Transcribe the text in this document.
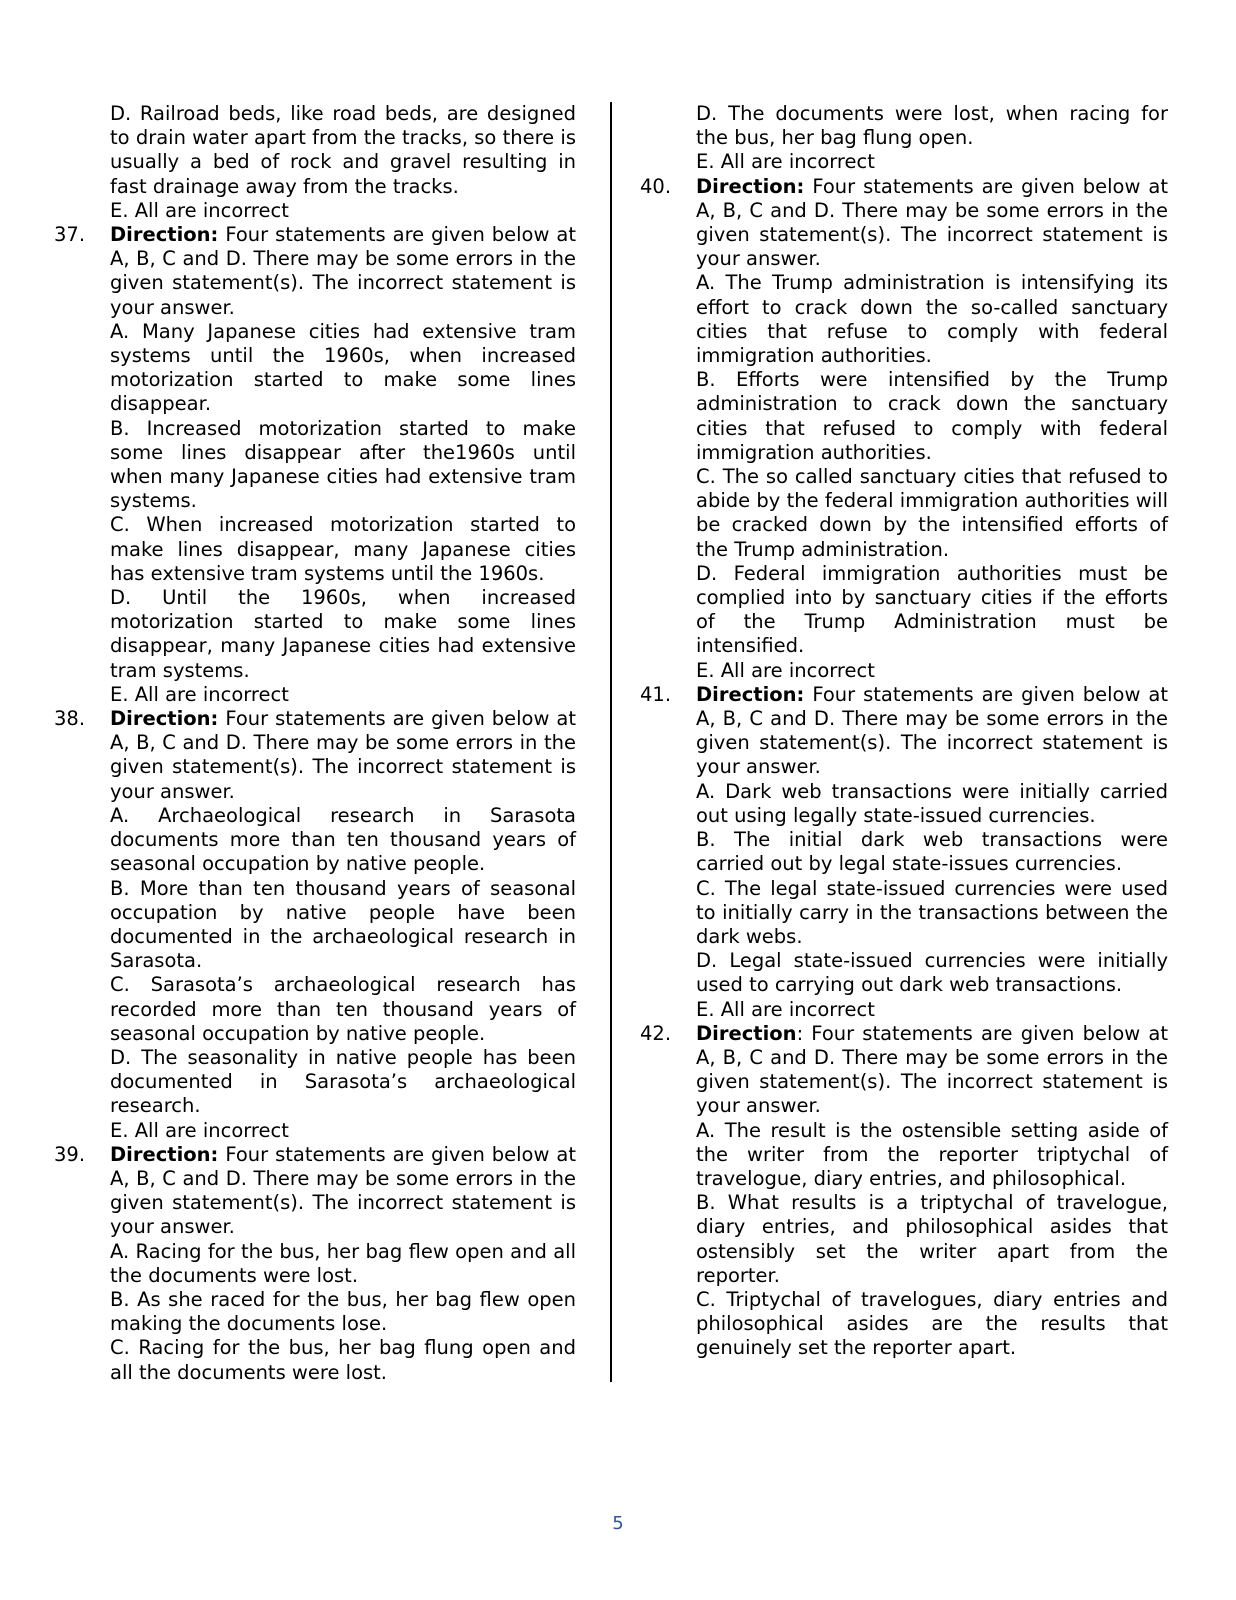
D. Railroad beds, like road beds, are designed to drain water apart from the tracks, so there is usually a bed of rock and gravel resulting in fast drainage away from the tracks.
E. All are incorrect
37. Direction: Four statements are given below at A, B, C and D. There may be some errors in the given statement(s). The incorrect statement is your answer.
A. Many Japanese cities had extensive tram systems until the 1960s, when increased motorization started to make some lines disappear.
B. Increased motorization started to make some lines disappear after the1960s until when many Japanese cities had extensive tram systems.
C. When increased motorization started to make lines disappear, many Japanese cities has extensive tram systems until the 1960s.
D. Until the 1960s, when increased motorization started to make some lines disappear, many Japanese cities had extensive tram systems.
E. All are incorrect
38. Direction: Four statements are given below at A, B, C and D. There may be some errors in the given statement(s). The incorrect statement is your answer.
A. Archaeological research in Sarasota documents more than ten thousand years of seasonal occupation by native people.
B. More than ten thousand years of seasonal occupation by native people have been documented in the archaeological research in Sarasota.
C. Sarasota’s archaeological research has recorded more than ten thousand years of seasonal occupation by native people.
D. The seasonality in native people has been documented in Sarasota’s archaeological research.
E. All are incorrect
39. Direction: Four statements are given below at A, B, C and D. There may be some errors in the given statement(s). The incorrect statement is your answer.
A. Racing for the bus, her bag flew open and all the documents were lost.
B. As she raced for the bus, her bag flew open making the documents lose.
C. Racing for the bus, her bag flung open and all the documents were lost.
D. The documents were lost, when racing for the bus, her bag flung open.
E. All are incorrect
40. Direction: Four statements are given below at A, B, C and D. There may be some errors in the given statement(s). The incorrect statement is your answer.
A. The Trump administration is intensifying its effort to crack down the so-called sanctuary cities that refuse to comply with federal immigration authorities.
B. Efforts were intensified by the Trump administration to crack down the sanctuary cities that refused to comply with federal immigration authorities.
C. The so called sanctuary cities that refused to abide by the federal immigration authorities will be cracked down by the intensified efforts of the Trump administration.
D. Federal immigration authorities must be complied into by sanctuary cities if the efforts of the Trump Administration must be intensified.
E. All are incorrect
41. Direction: Four statements are given below at A, B, C and D. There may be some errors in the given statement(s). The incorrect statement is your answer.
A. Dark web transactions were initially carried out using legally state-issued currencies.
B. The initial dark web transactions were carried out by legal state-issues currencies.
C. The legal state-issued currencies were used to initially carry in the transactions between the dark webs.
D. Legal state-issued currencies were initially used to carrying out dark web transactions.
E. All are incorrect
42. Direction: Four statements are given below at A, B, C and D. There may be some errors in the given statement(s). The incorrect statement is your answer.
A. The result is the ostensible setting aside of the writer from the reporter triptychal of travelogue, diary entries, and philosophical.
B. What results is a triptychal of travelogue, diary entries, and philosophical asides that ostensibly set the writer apart from the reporter.
C. Triptychal of travelogues, diary entries and philosophical asides are the results that genuinely set the reporter apart.
5
